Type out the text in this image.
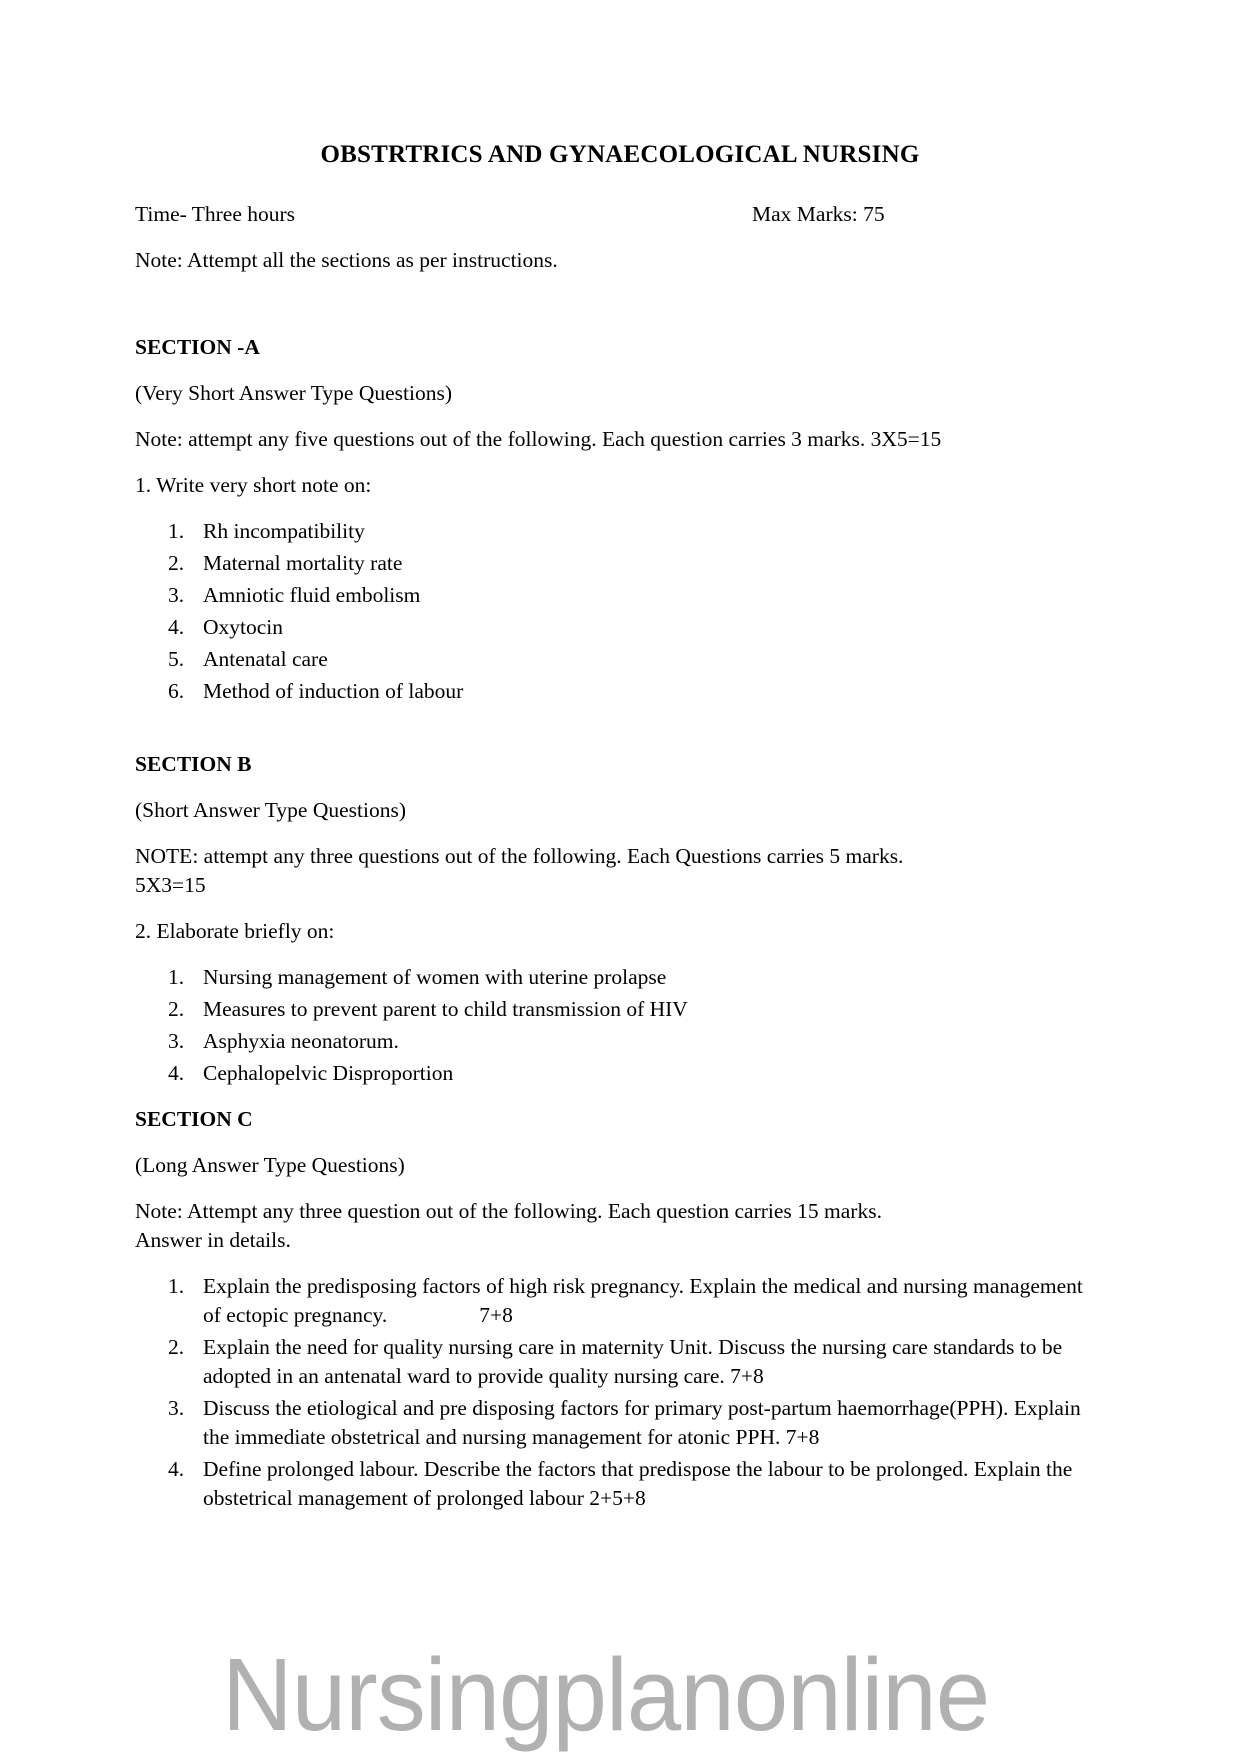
OBSTRTRICS AND GYNAECOLOGICAL NURSING
Time- Three hours	Max Marks: 75

Note: Attempt all the sections as per instructions.

SECTION -A

(Very Short Answer Type Questions)

Note: attempt any five questions out of the following. Each question carries 3 marks. 3X5=15

1. Write very short note on:

Rh incompatibility
Maternal mortality rate
Amniotic fluid embolism
Oxytocin
Antenatal care
Method of induction of labour

SECTION B

(Short Answer Type Questions)

NOTE: attempt any three questions out of the following. Each Questions carries 5 marks.
5X3=15

2. Elaborate briefly on:

Nursing management of women with uterine prolapse
Measures to prevent parent to child transmission of HIV
Asphyxia neonatorum.
Cephalopelvic Disproportion

SECTION C

(Long Answer Type Questions)

Note: Attempt any three question out of the following. Each question carries 15 marks.
Answer in details.

Explain the predisposing factors of high risk pregnancy. Explain the medical and nursing management of ectopic pregnancy.	7+8
Explain the need for quality nursing care in maternity Unit. Discuss the nursing care standards to be adopted in an antenatal ward to provide quality nursing care. 7+8
Discuss the etiological and pre disposing factors for primary post-partum haemorrhage(PPH). Explain the immediate obstetrical and nursing management for atonic PPH. 7+8
Define prolonged labour. Describe the factors that predispose the labour to be prolonged. Explain the obstetrical management of prolonged labour 2+5+8
Nursingplanonline
